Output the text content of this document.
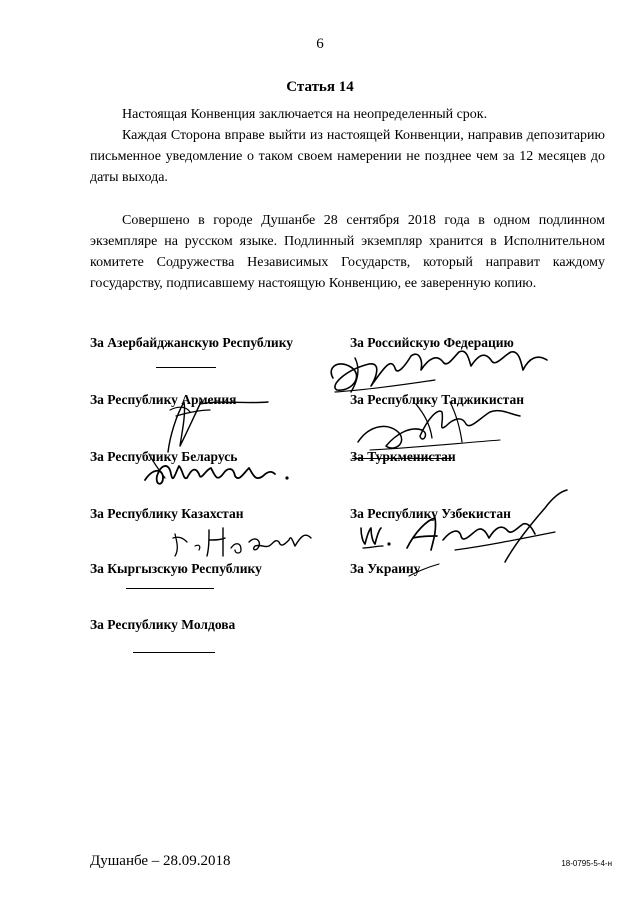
6
Статья 14

Настоящая Конвенция заключается на неопределенный срок.

Каждая Сторона вправе выйти из настоящей Конвенции, направив депозитарию письменное уведомление о таком своем намерении не позднее чем за 12 месяцев до даты выхода.

Совершено в городе Душанбе 28 сентября 2018 года в одном подлинном экземпляре на русском языке. Подлинный экземпляр хранится в Исполнительном комитете Содружества Независимых Государств, который направит каждому государству, подписавшему настоящую Конвенцию, ее заверенную копию.

За Азербайджанскую Республику
За Республику Армения
За Республику Беларусь
За Республику Казахстан
За Кыргызскую Республику
За Республику Молдова
За Российскую Федерацию
За Республику Таджикистан
За Туркменистан
За Республику Узбекистан
За Украину
Душанбе – 28.09.2018	18-0795-5-4-н
